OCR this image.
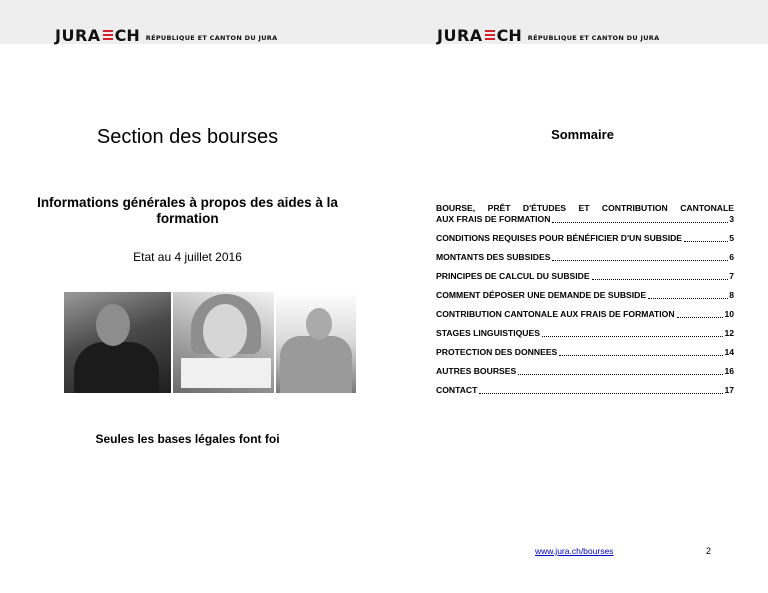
JURA CH RÉPUBLIQUE ET CANTON DU JURA	JURA CH RÉPUBLIQUE ET CANTON DU JURA
Section des bourses
Informations générales à propos des aides à la formation
Etat au 4 juillet 2016
Seules les bases légales font foi
Sommaire
BOURSE, PRÊT D'ÉTUDES ET CONTRIBUTION CANTONALE
AUX FRAIS DE FORMATION	3
CONDITIONS REQUISES POUR BÉNÉFICIER D'UN SUBSIDE	5
MONTANTS DES SUBSIDES	6
PRINCIPES DE CALCUL DU SUBSIDE	7
COMMENT DÉPOSER UNE DEMANDE DE SUBSIDE	8
CONTRIBUTION CANTONALE AUX FRAIS DE FORMATION	10
STAGES LINGUISTIQUES	12
PROTECTION DES DONNEES	14
AUTRES BOURSES	16
CONTACT	17
www.jura.ch/bourses	2
